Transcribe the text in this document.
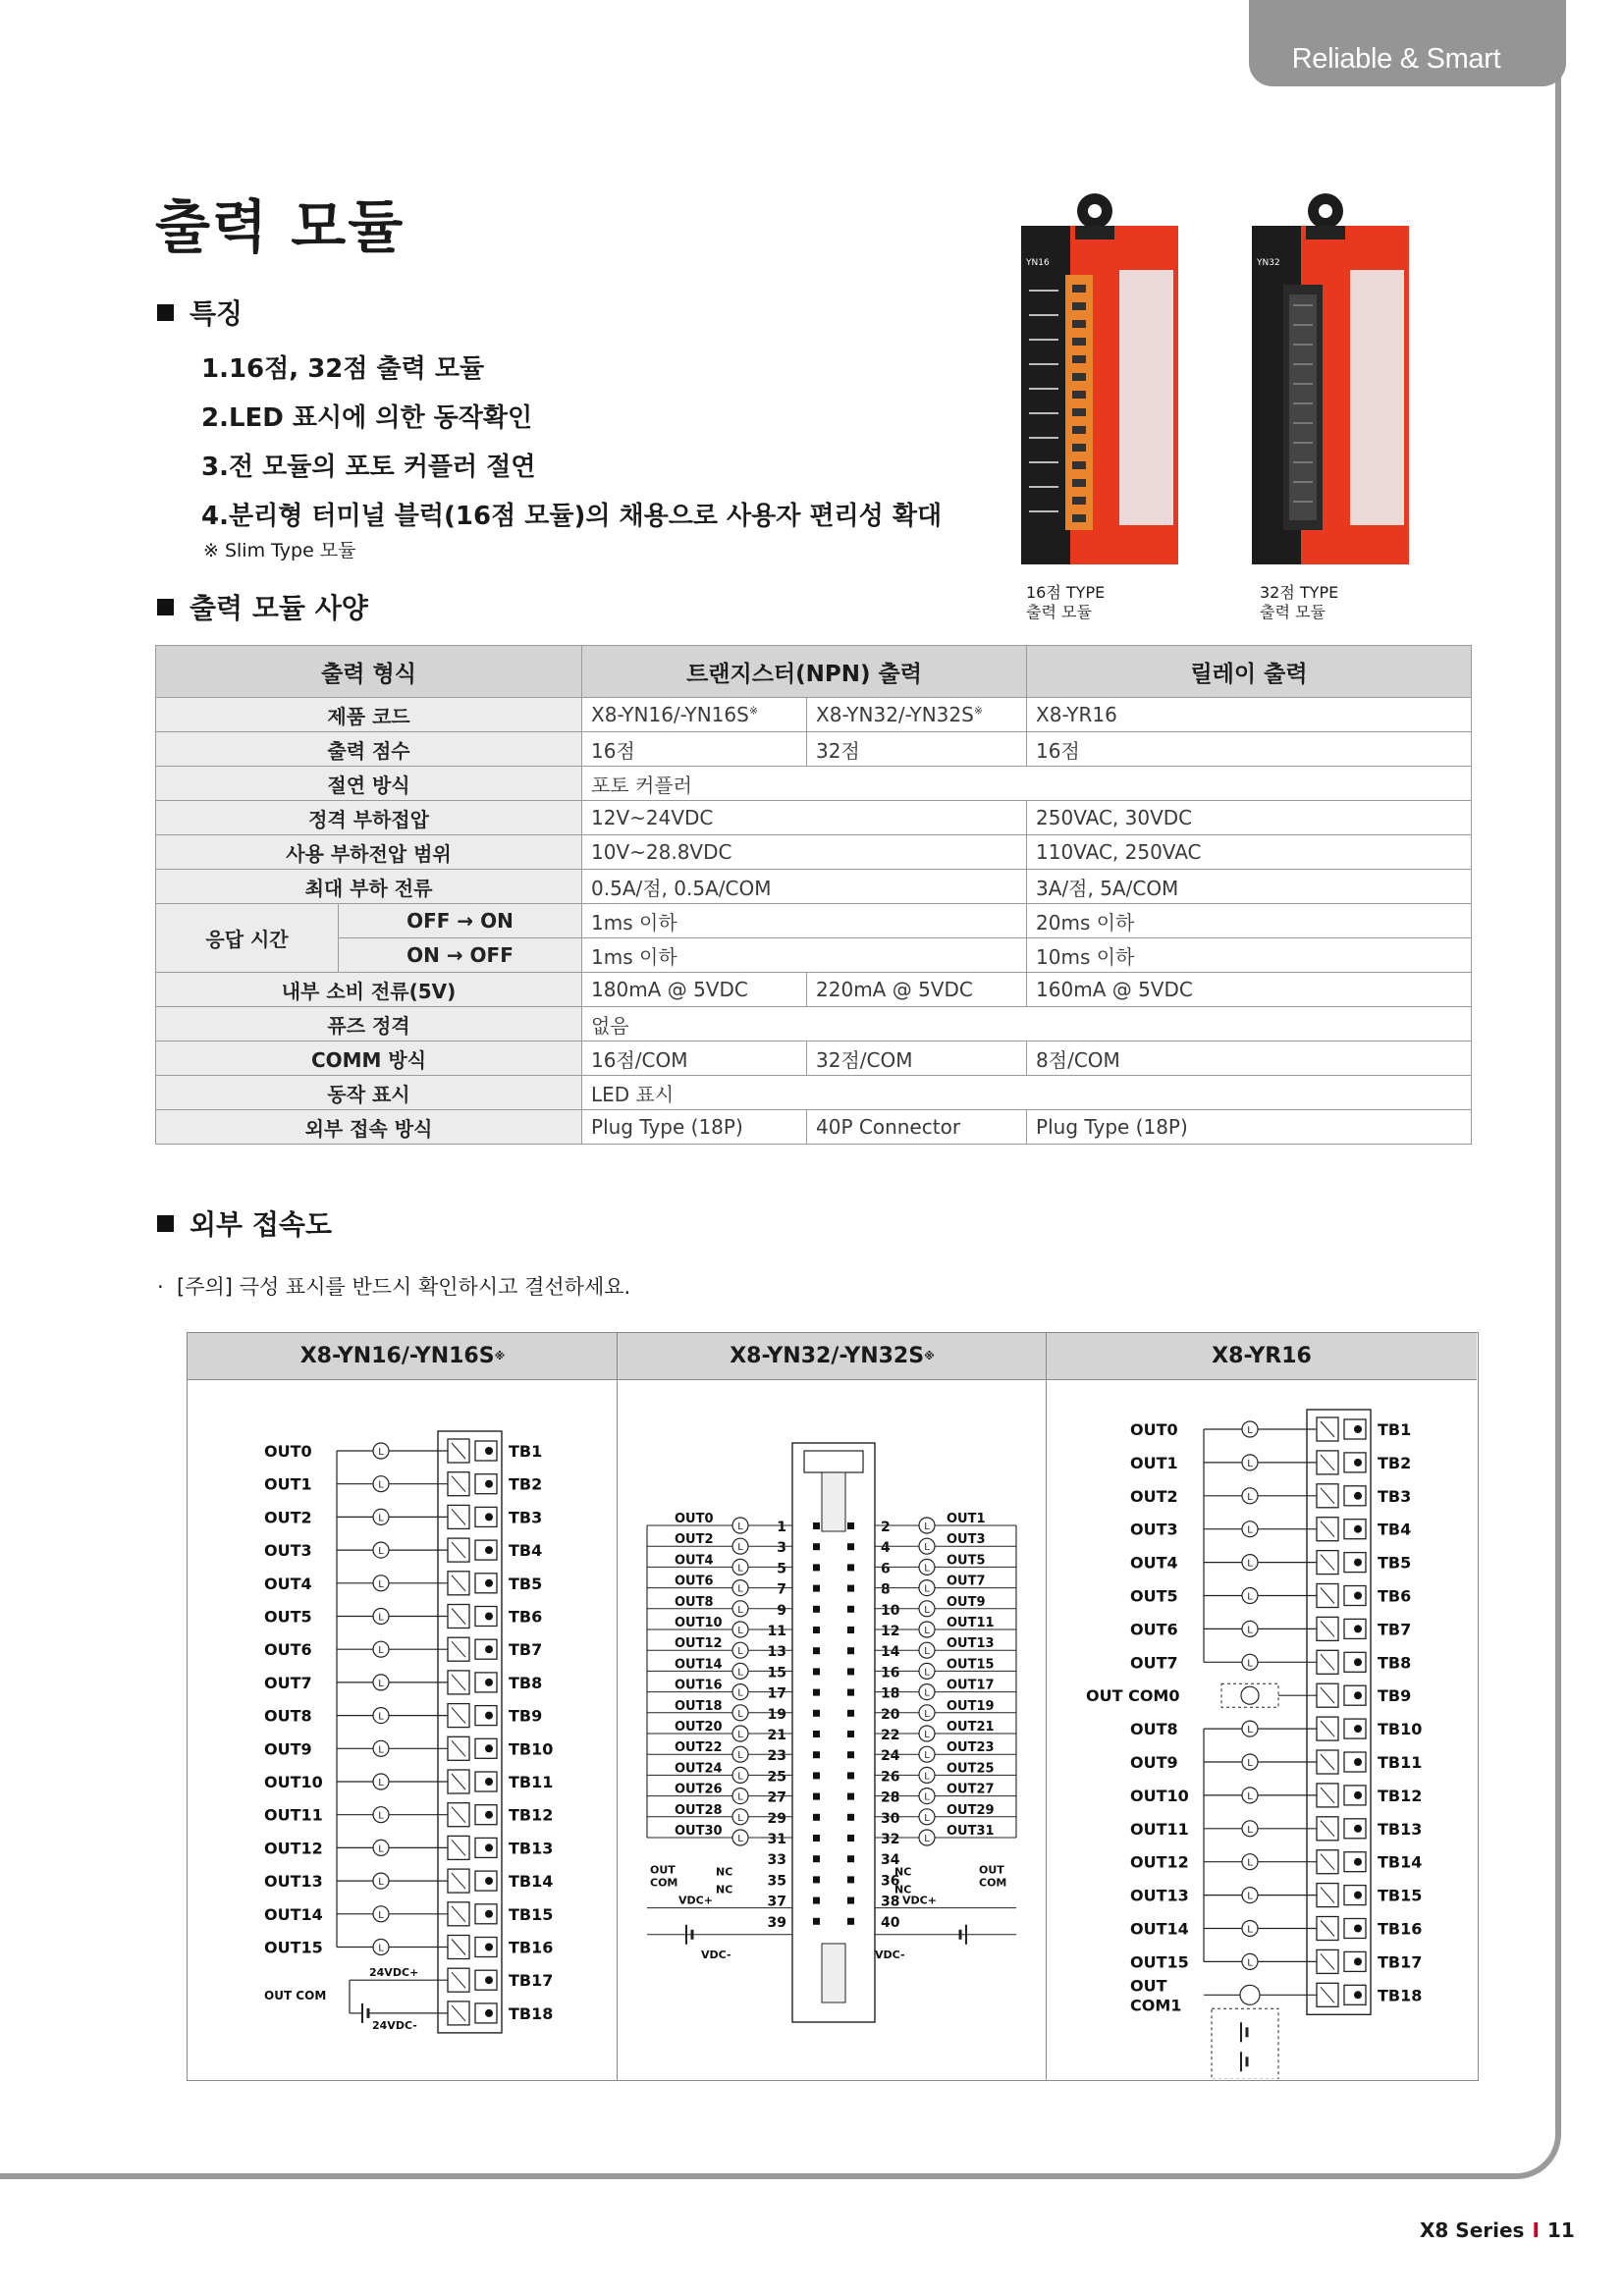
Reliable & Smart
출력 모듈
특징
1.16점, 32점 출력 모듈
2.LED 표시에 의한 동작확인
3.전 모듈의 포토 커플러 절연
4.분리형 터미널 블럭(16점 모듈)의 채용으로 사용자 편리성 확대
※ Slim Type 모듈
YN16	YN32
16점 TYPE
출력 모듈
32점 TYPE
출력 모듈
출력 모듈 사양
출력 형식		트랜지스터(NPN) 출력		릴레이 출력
제품 코드		X8-YN16/-YN16S※	X8-YN32/-YN32S※	X8-YR16
출력 점수		16점	32점	16점
절연 방식		포토 커플러		
정격 부하접압		12V~24VDC		250VAC, 30VDC
사용 부하전압 범위		10V~28.8VDC		110VAC, 250VAC
최대 부하 전류		0.5A/점, 0.5A/COM		3A/점, 5A/COM
응답 시간	OFF → ON	1ms 이하		20ms 이하
	ON → OFF	1ms 이하		10ms 이하
내부 소비 전류(5V)		180mA @ 5VDC	220mA @ 5VDC	160mA @ 5VDC
퓨즈 정격		없음		
COMM 방식		16점/COM	32점/COM	8점/COM
동작 표시		LED 표시		
외부 접속 방식		Plug Type (18P)	40P Connector	Plug Type (18P)
외부 접속도
· [주의] 극성 표시를 반드시 확인하시고 결선하세요.
X8-YN16/-YN16S ※	X8-YN32/-YN32S ※	X8-YR16
TB1
OUT0	L
TB2
OUT1	L
TB3
OUT2	L
TB4
OUT3	L
TB5
OUT4	L
TB6
OUT5	L
TB7
OUT6	L
TB8
OUT7	L
TB9
OUT8	L
TB10
OUT9	L
TB11
OUT10	L
TB12
OUT11	L
TB13
OUT12	L
TB14
OUT13	L
TB15
OUT14	L
TB16
OUT15	L
TB17
TB18
24VDC+
24VDC-
OUT COM
1	2
L	L
OUT0	OUT1
3	4
L	L
OUT2	OUT3
5	6
L	L
OUT4	OUT5
7	8
L	L
OUT6	OUT7
9	10
L	L
OUT8	OUT9
11	12
L	L
OUT10	OUT11
13	14
L	L
OUT12	OUT13
15	16
L	L
OUT14	OUT15
17	18
L	L
OUT16	OUT17
19	20
L	L
OUT18	OUT19
21	22
L	L
OUT20	OUT21
23	24
L	L
OUT22	OUT23
25	26
L	L
OUT24	OUT25
27	28
L	L
OUT26	OUT27
29	30
L	L
OUT28	OUT29
31	32
L	L
OUT30	OUT31
33	34
35	36
37	38
39	40
OUT
COM
OUT
COM
NC
NC
NC
NC
VDC+	VDC+
VDC-	VDC-
TB1
OUT0	L
TB2
OUT1	L
TB3
OUT2	L
TB4
OUT3	L
TB5
OUT4	L
TB6
OUT5	L
TB7
OUT6	L
TB8
OUT7	L
TB9
OUT COM0
TB10
OUT8	L
TB11
OUT9	L
TB12
OUT10	L
TB13
OUT11	L
TB14
OUT12	L
TB15
OUT13	L
TB16
OUT14	L
TB17
OUT15	L
TB18
OUT
COM1
X8 Series I 11
